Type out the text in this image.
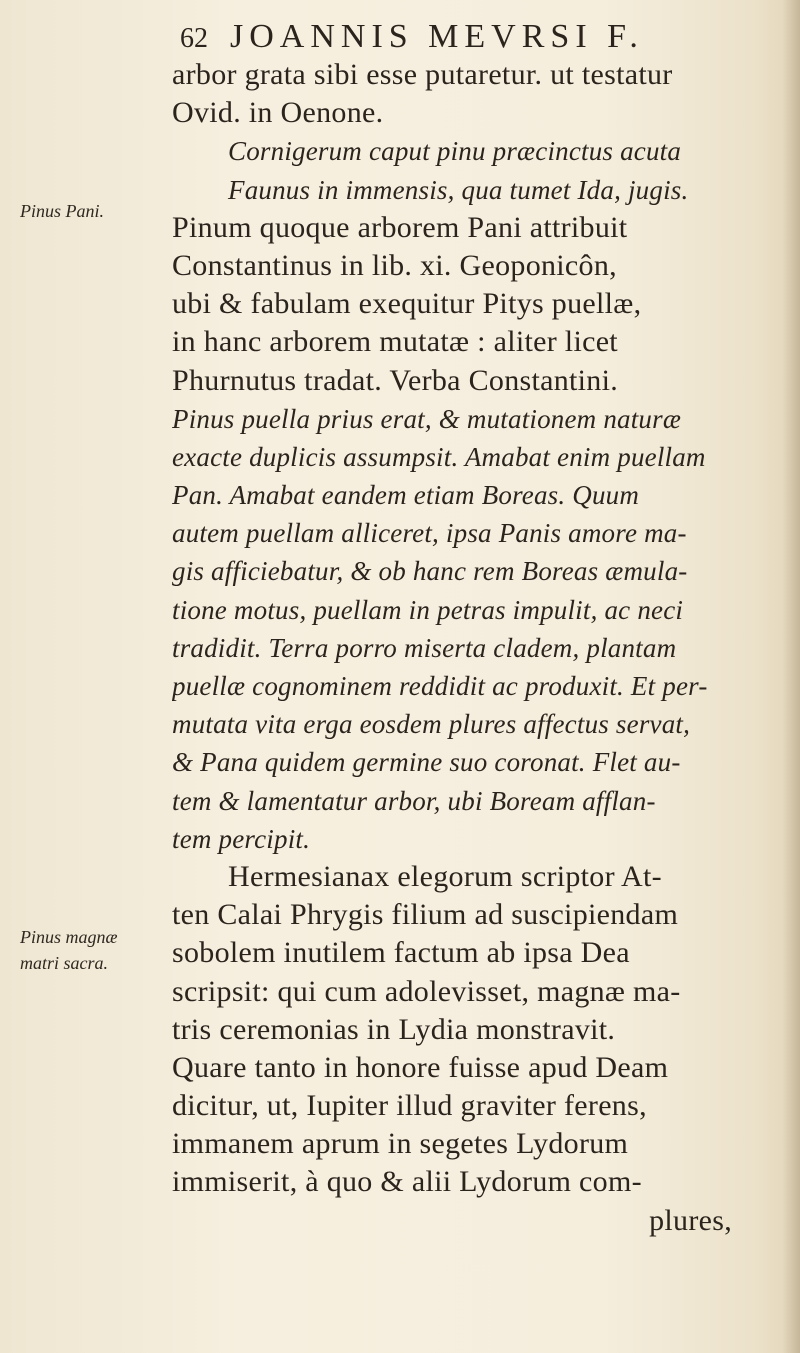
62 JOANNIS MEVRSI F.
Pinus Pani.
Pinus magnæ
matri sacra.
arbor grata sibi esse putaretur. ut testatur
Ovid. in Oenone.
Cornigerum caput pinu præcinctus acuta
Faunus in immensis, qua tumet Ida, jugis.
Pinum quoque arborem Pani attribuit
Constantinus in lib. xi. Geoponicôn,
ubi & fabulam exequitur Pitys puellæ,
in hanc arborem mutatæ : aliter licet
Phurnutus tradat. Verba Constantini.
Pinus puella prius erat, & mutationem naturæ
exacte duplicis assumpsit. Amabat enim puellam
Pan. Amabat eandem etiam Boreas. Quum
autem puellam alliceret, ipsa Panis amore ma-
gis afficiebatur, & ob hanc rem Boreas æmula-
tione motus, puellam in petras impulit, ac neci
tradidit. Terra porro miserta cladem, plantam
puellæ cognominem reddidit ac produxit. Et per-
mutata vita erga eosdem plures affectus servat,
& Pana quidem germine suo coronat. Flet au-
tem & lamentatur arbor, ubi Boream afflan-
tem percipit.
Hermesianax elegorum scriptor At-
ten Calai Phrygis filium ad suscipiendam
sobolem inutilem factum ab ipsa Dea
scripsit: qui cum adolevisset, magnæ ma-
tris ceremonias in Lydia monstravit.
Quare tanto in honore fuisse apud Deam
dicitur, ut, Iupiter illud graviter ferens,
immanem aprum in segetes Lydorum
immiserit, à quo & alii Lydorum com-
plures,
